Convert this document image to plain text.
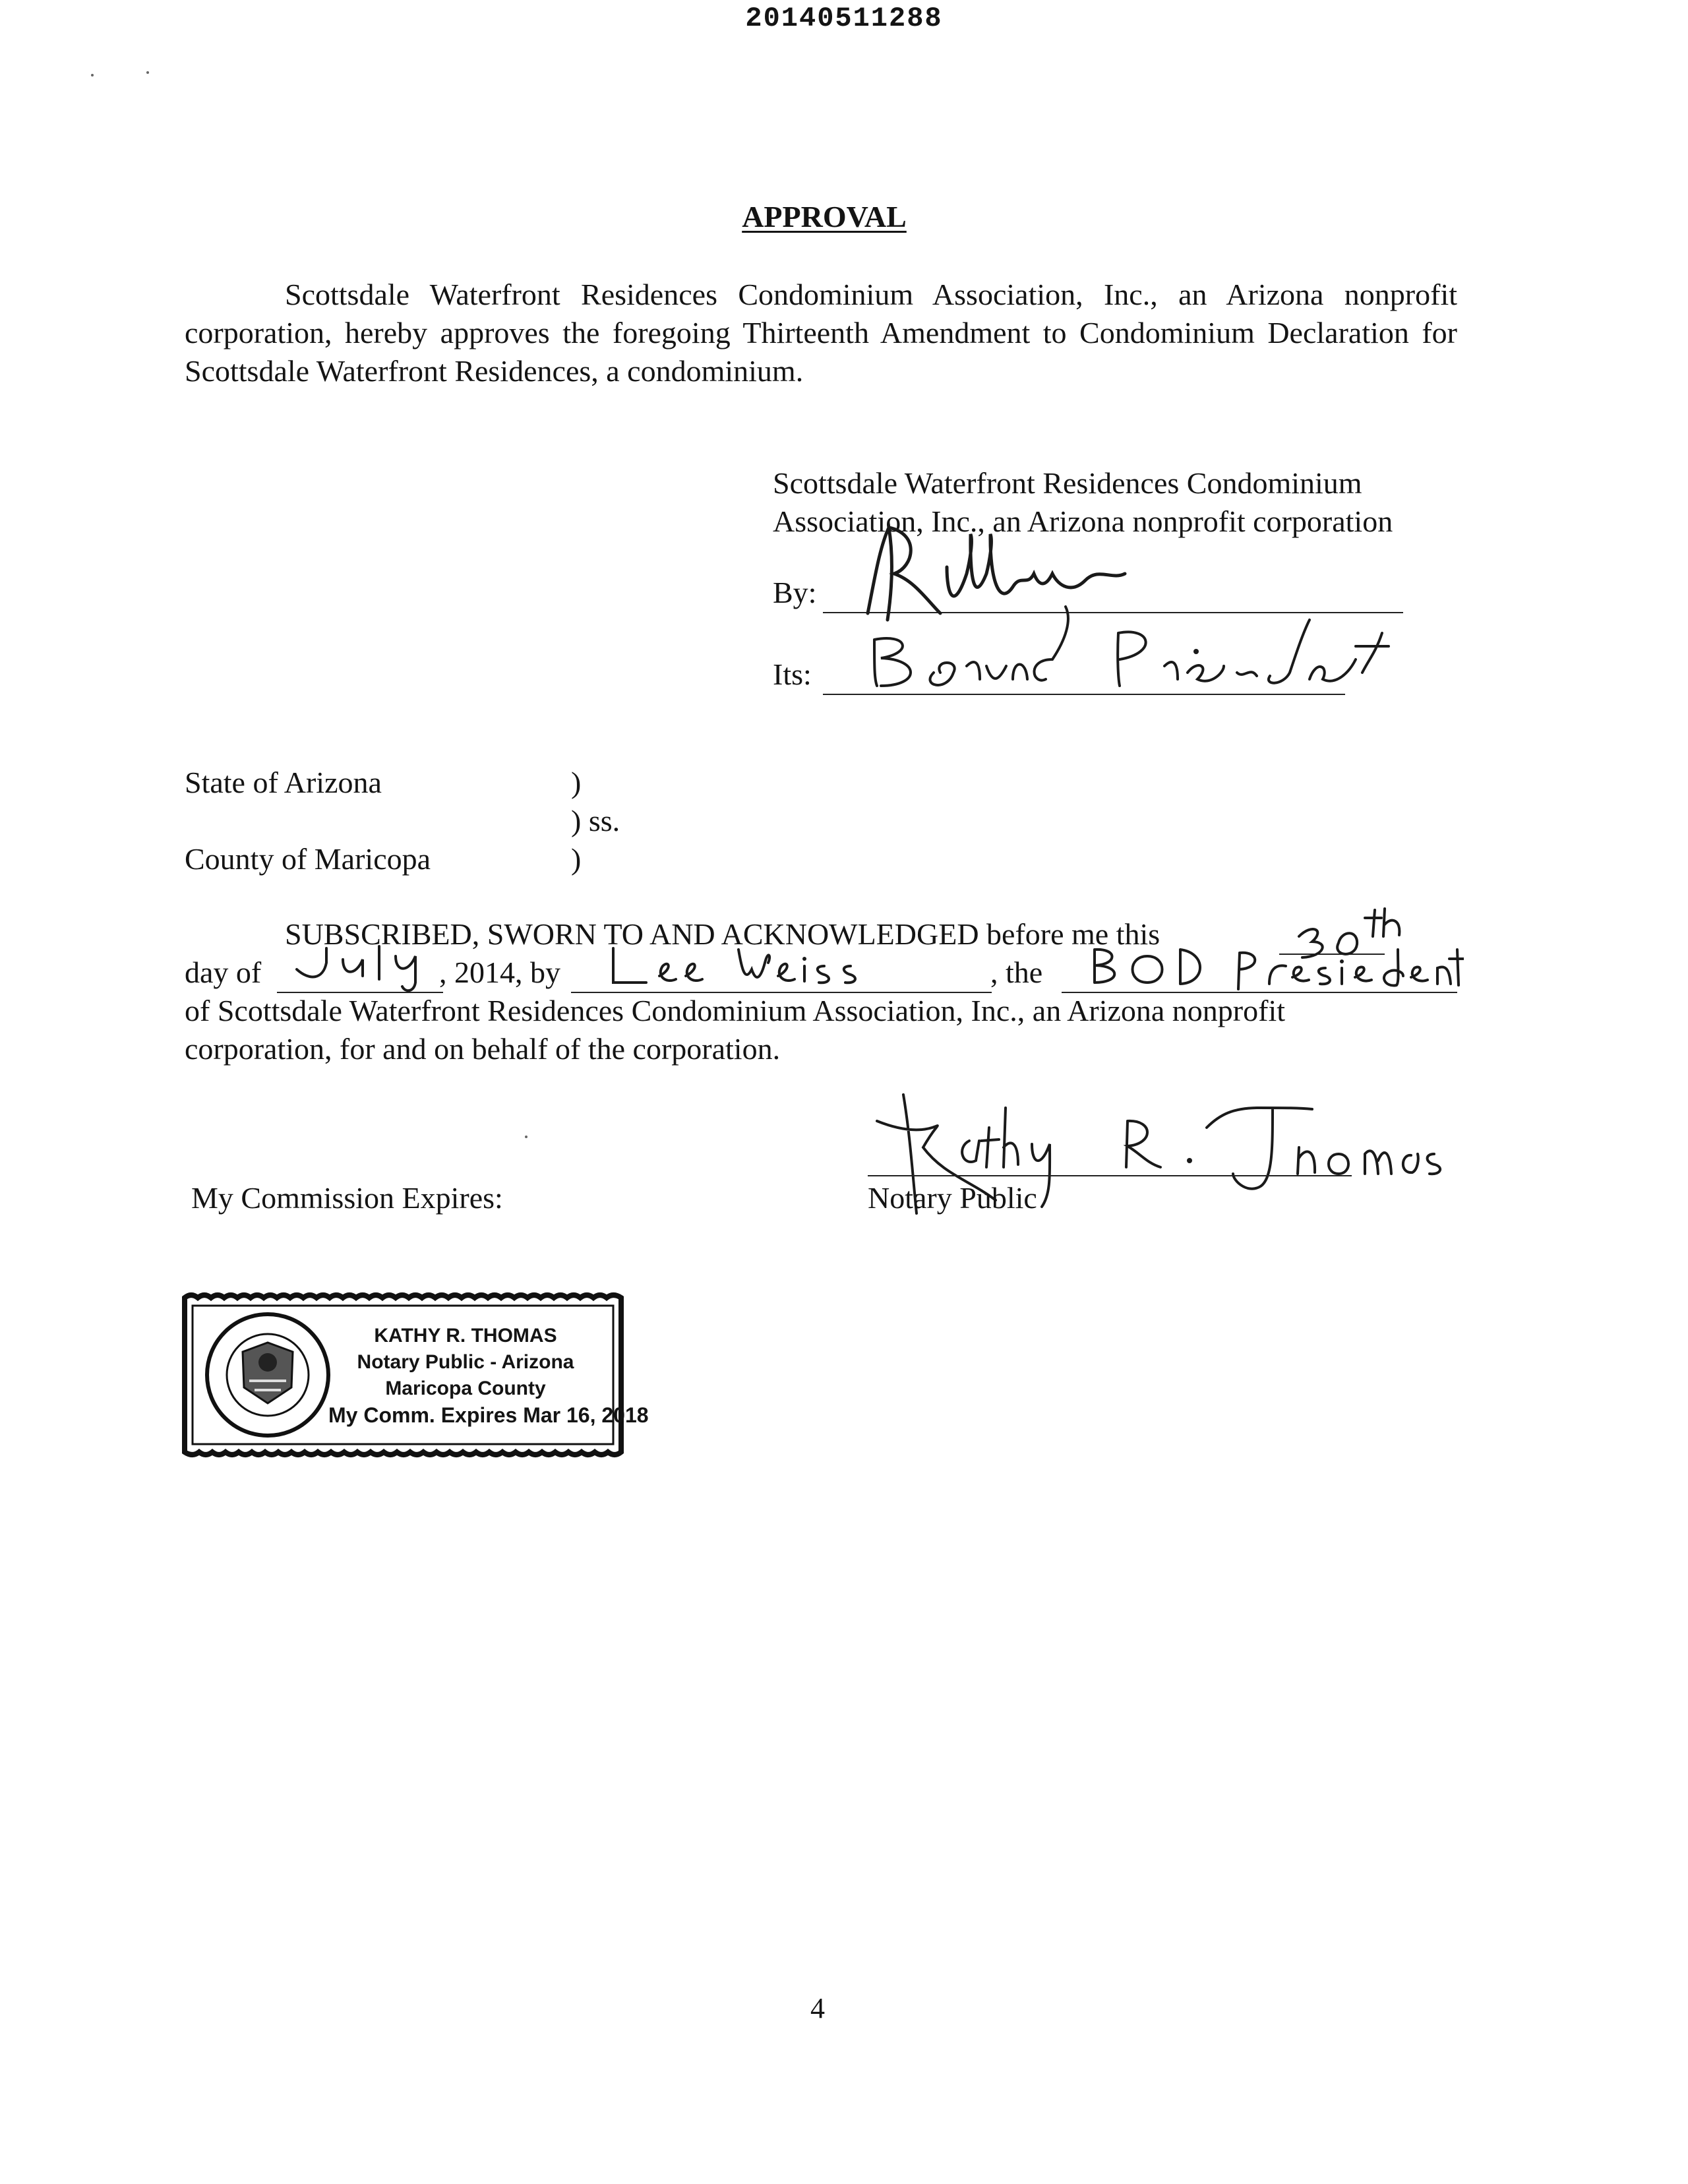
20140511288
APPROVAL
Scottsdale Waterfront Residences Condominium Association, Inc., an Arizona nonprofit corporation, hereby approves the foregoing Thirteenth Amendment to Condominium Declaration for Scottsdale Waterfront Residences, a condominium.
Scottsdale Waterfront Residences Condominium
Association, Inc., an Arizona nonprofit corporation
By:
Its:
State of Arizona	)
) ss.
County of Maricopa	)
SUBSCRIBED, SWORN TO AND ACKNOWLEDGED before me this
day of	, 2014, by	, the
of Scottsdale Waterfront Residences Condominium Association, Inc., an Arizona nonprofit
corporation, for and on behalf of the corporation.
Notary Public
My Commission Expires:
KATHY R. THOMAS
Notary Public - Arizona
Maricopa County
My Comm. Expires Mar 16, 2018
4
